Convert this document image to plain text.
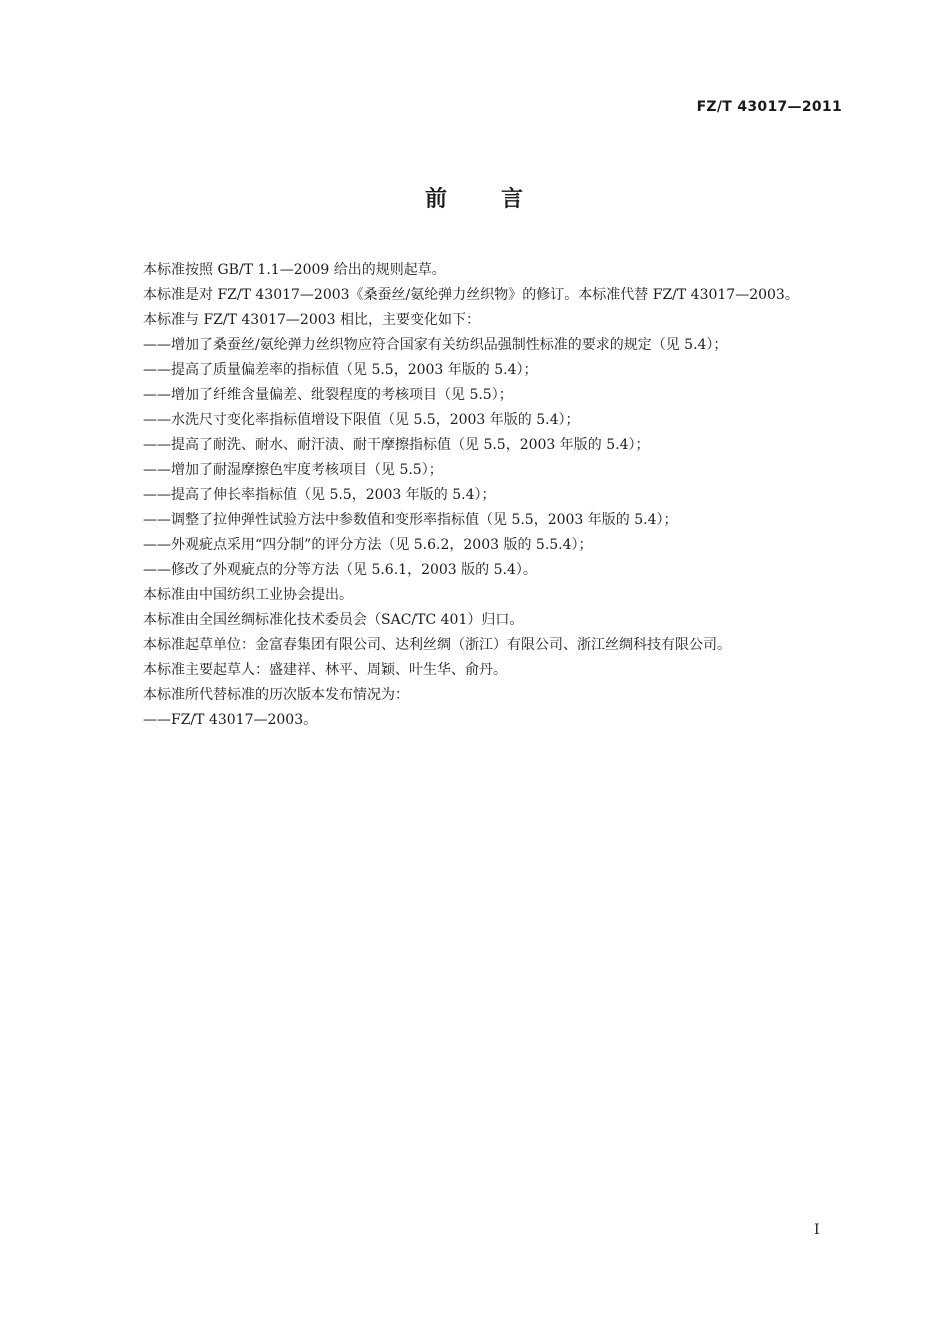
FZ/T 43017—2011
前 言
本标准按照 GB/T 1.1—2009 给出的规则起草。
本标准是对 FZ/T 43017—2003《桑蚕丝/氨纶弹力丝织物》的修订。本标准代替 FZ/T 43017—2003。
本标准与 FZ/T 43017—2003 相比，主要变化如下：
——增加了桑蚕丝/氨纶弹力丝织物应符合国家有关纺织品强制性标准的要求的规定（见 5.4）；
——提高了质量偏差率的指标值（见 5.5，2003 年版的 5.4）；
——增加了纤维含量偏差、纰裂程度的考核项目（见 5.5）；
——水洗尺寸变化率指标值增设下限值（见 5.5，2003 年版的 5.4）；
——提高了耐洗、耐水、耐汗渍、耐干摩擦指标值（见 5.5，2003 年版的 5.4）；
——增加了耐湿摩擦色牢度考核项目（见 5.5）；
——提高了伸长率指标值（见 5.5，2003 年版的 5.4）；
——调整了拉伸弹性试验方法中参数值和变形率指标值（见 5.5，2003 年版的 5.4）；
——外观疵点采用“四分制”的评分方法（见 5.6.2，2003 版的 5.5.4）；
——修改了外观疵点的分等方法（见 5.6.1，2003 版的 5.4）。
本标准由中国纺织工业协会提出。
本标准由全国丝绸标准化技术委员会（SAC/TC 401）归口。
本标准起草单位：金富春集团有限公司、达利丝绸（浙江）有限公司、浙江丝绸科技有限公司。
本标准主要起草人：盛建祥、林平、周颖、叶生华、俞丹。
本标准所代替标准的历次版本发布情况为：
——FZ/T 43017—2003。
I
